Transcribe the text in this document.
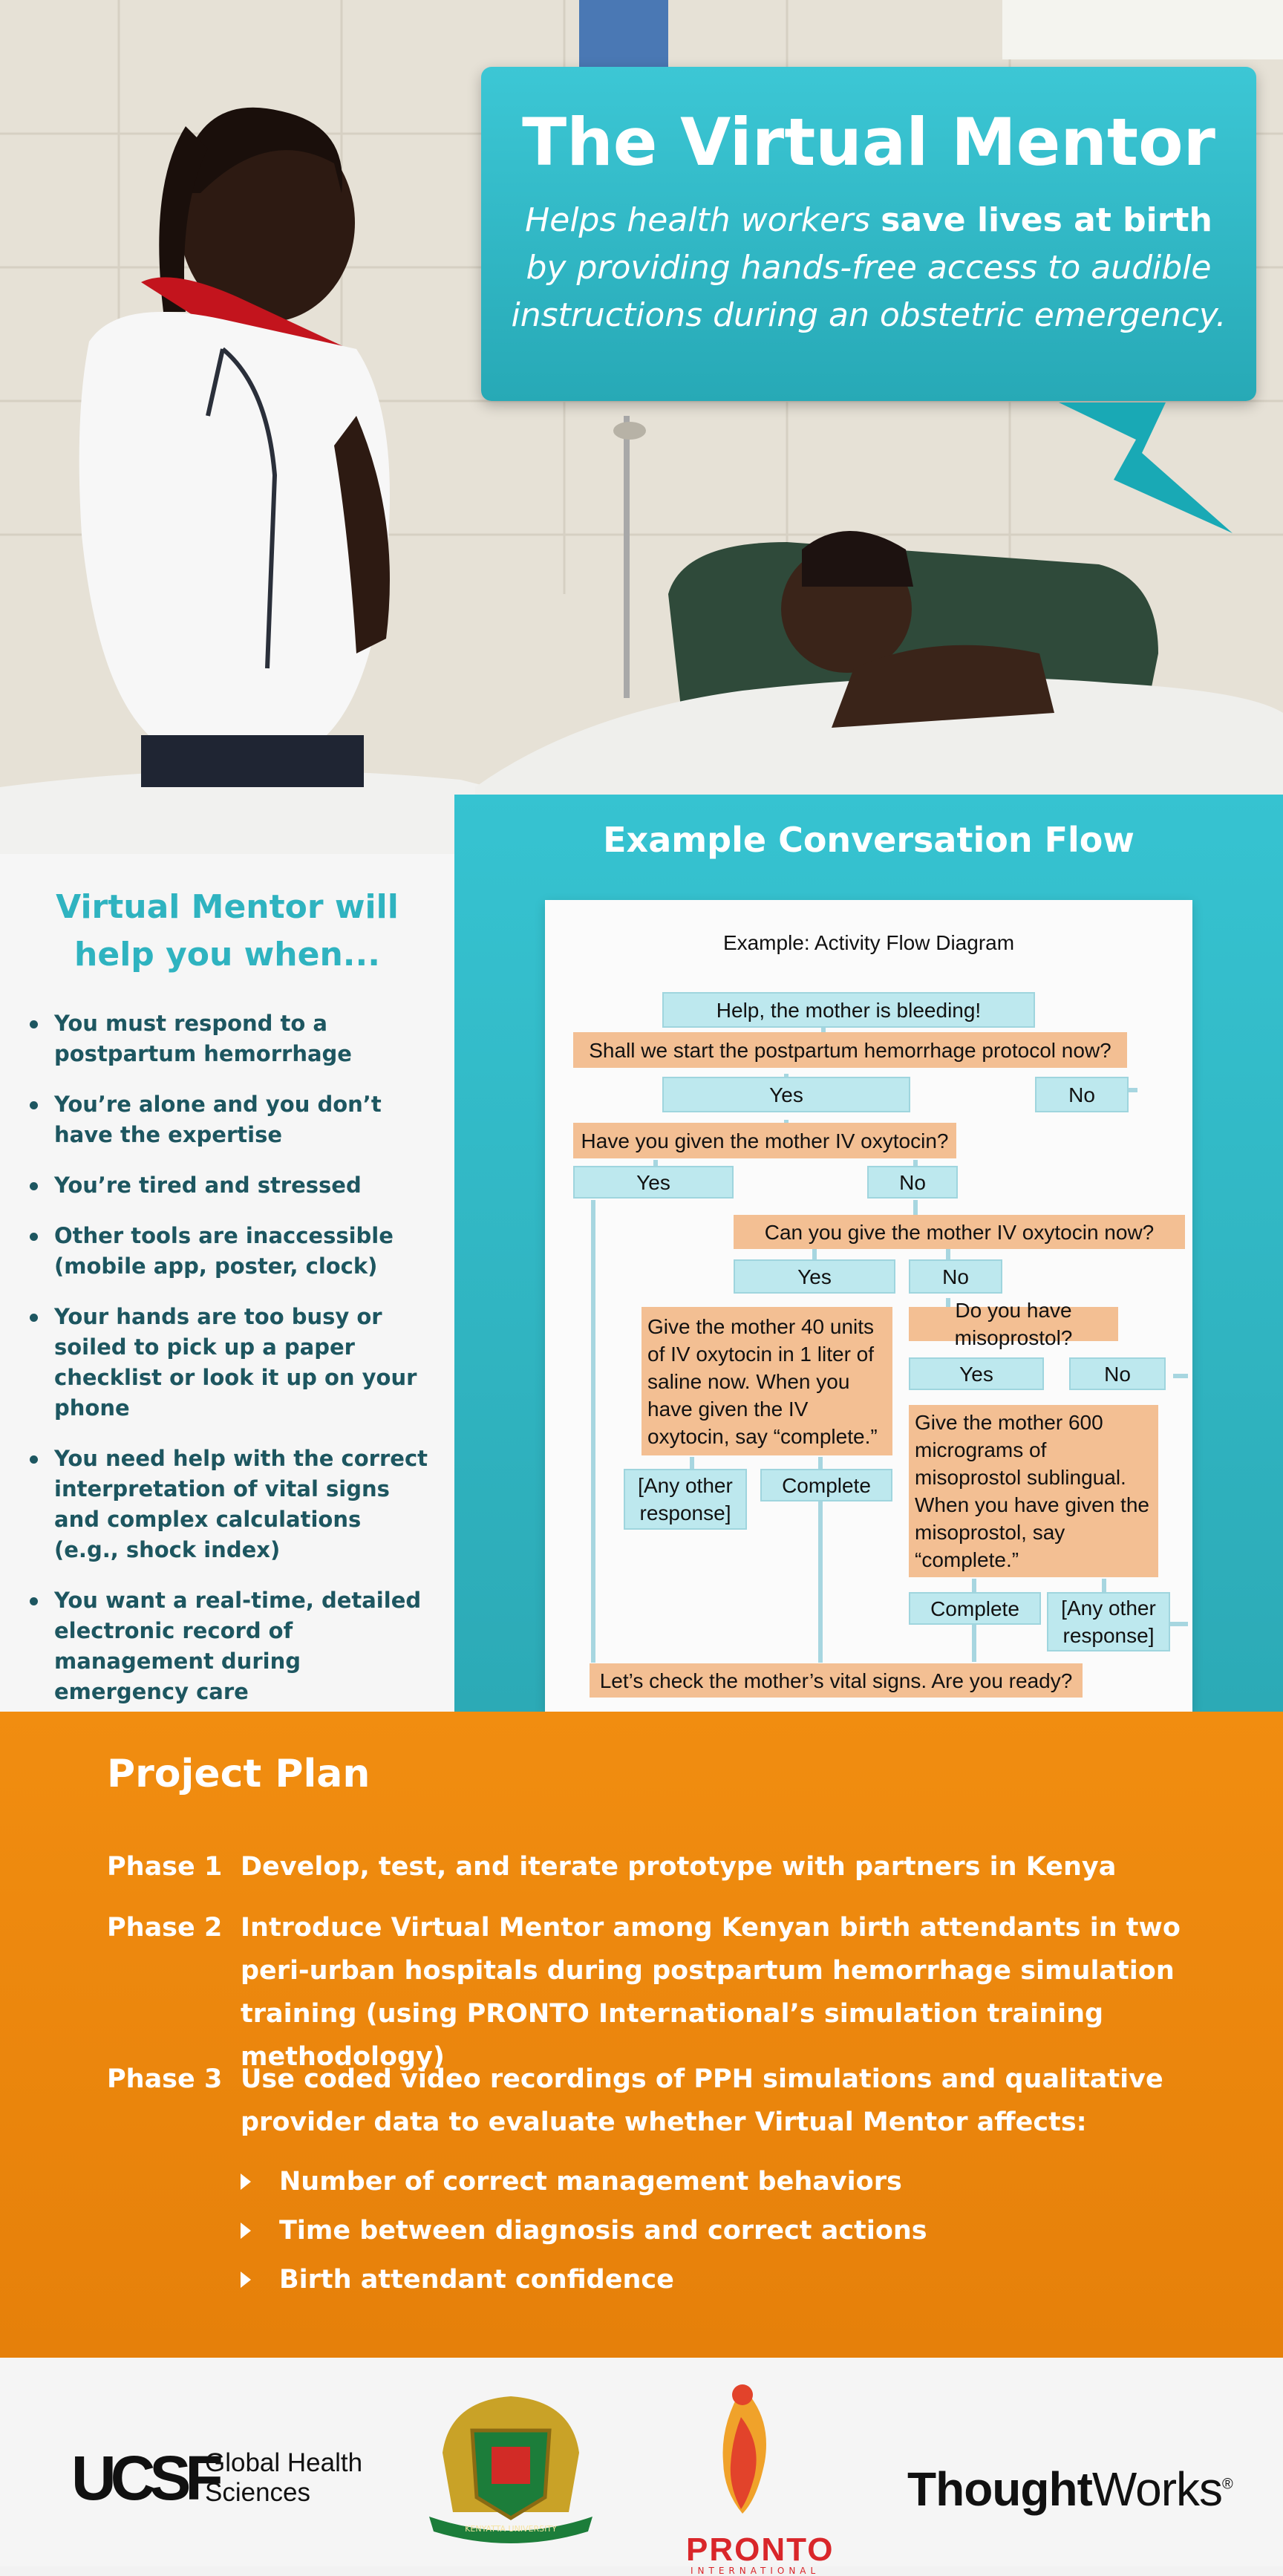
The Virtual Mentor
Helps health workers save lives at birth by providing hands-free access to audible instructions during an obstetric emergency.
Virtual Mentor will help you when...
You must respond to a postpartum hemorrhage
You’re alone and you don’t have the expertise
You’re tired and stressed
Other tools are inaccessible (mobile app, poster, clock)
Your hands are too busy or soiled to pick up a paper checklist or look it up on your phone
You need help with the correct interpretation of vital signs and complex calculations (e.g., shock index)
You want a real-time, detailed electronic record of management during emergency care
Example Conversation Flow
Example: Activity Flow Diagram
Help, the mother is bleeding!
Shall we start the postpartum hemorrhage protocol now?
Yes	No
Have you given the mother IV oxytocin?
Yes	No
Can you give the mother IV oxytocin now?
Yes	No
Give the mother 40 units of IV oxytocin in 1 liter of saline now. When you have given the IV oxytocin, say “complete.”
Do you have misoprostol?
Yes	No
Give the mother 600 micrograms of misoprostol sublingual. When you have given the misoprostol, say “complete.”
[Any other response]
Complete
Complete	[Any other response]
Let’s check the mother’s vital signs. Are you ready?
Project Plan
Phase 1 Develop, test, and iterate prototype with partners in Kenya
Phase 2 Introduce Virtual Mentor among Kenyan birth attendants in two peri-urban hospitals during postpartum hemorrhage simulation training (using PRONTO International’s simulation training methodology)
Phase 3 Use coded video recordings of PPH simulations and qualitative provider data to evaluate whether Virtual Mentor affects:
Number of correct management behaviors
Time between diagnosis and correct actions
Birth attendant confidence
UCSF
Global Health
Sciences
KENYATTA UNIVERSITY
PRONTO
INTERNATIONAL
ThoughtWorks®
